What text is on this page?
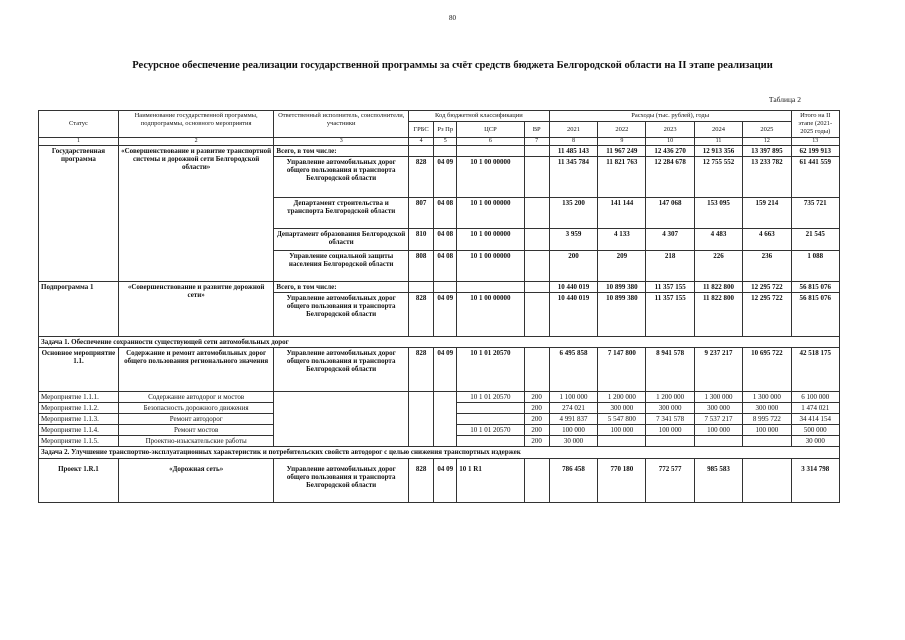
80
Ресурсное обеспечение реализации государственной программы за счёт средств бюджета Белгородской области на II этапе реализации
Таблица 2
Статус	Наименование государственной программы, подпрограммы, основного мероприятия	Ответственный исполнитель, соисполнители, участники	Код бюджетной классификации				Расходы (тыс. рублей), годы					Итого на II этапе (2021-2025 годы)
			ГРБС	Рз Пр	ЦСР	ВР	2021	2022	2023	2024	2025	

1	2	3	4	5	6	7	8	9	10	11	12	13
Государственная программа	«Совершенствование и развитие транспортной системы и дорожной сети Белгородской области»	Всего, в том числе:					11 485 143	11 967 249	12 436 270	12 913 356	13 397 895	62 199 913
		Управление автомобильных дорог общего пользования и транспорта Белгородской области	828	04 09	10 1 00 00000		11 345 784	11 821 763	12 284 678	12 755 552	13 233 782	61 441 559
		Департамент строительства и транспорта Белгородской области	807	04 08	10 1 00 00000		135 200	141 144	147 068	153 095	159 214	735 721
		Департамент образования Белгородской области	810	04 08	10 1 00 00000		3 959	4 133	4 307	4 483	4 663	21 545
		Управление социальной защиты населения Белгородской области	808	04 08	10 1 00 00000		200	209	218	226	236	1 088
Подпрограмма 1	«Совершенствование и развитие дорожной сети»	Всего, в том числе:					10 440 019	10 899 380	11 357 155	11 822 800	12 295 722	56 815 076
		Управление автомобильных дорог общего пользования и транспорта Белгородской области	828	04 09	10 1 00 00000		10 440 019	10 899 380	11 357 155	11 822 800	12 295 722	56 815 076
Задача 1. Обеспечение сохранности существующей сети автомобильных дорог												
Основное мероприятие 1.1.	Содержание и ремонт автомобильных дорог общего пользования регионального значения	Управление автомобильных дорог общего пользования и транспорта Белгородской области	828	04 09	10 1 01 20570		6 495 858	7 147 800	8 941 578	9 237 217	10 695 722	42 518 175
Мероприятие 1.1.1.	Содержание автодорог и мостов				10 1 01 20570	200	1 100 000	1 200 000	1 200 000	1 300 000	1 300 000	6 100 000
Мероприятие 1.1.2.	Безопасность дорожного движения					200	274 021	300 000	300 000	300 000	300 000	1 474 021
Мероприятие 1.1.3.	Ремонт автодорог					200	4 991 837	5 547 800	7 341 578	7 537 217	8 995 722	34 414 154
Мероприятие 1.1.4.	Ремонт мостов				10 1 01 20570	200	100 000	100 000	100 000	100 000	100 000	500 000
Мероприятие 1.1.5.	Проектно-изыскательские работы					200	30 000					30 000
Задача 2. Улучшение транспортно-эксплуатационных характеристик и потребительских свойств автодорог с целью снижения транспортных издержек												
Проект 1.R.1	«Дорожная сеть»	Управление автомобильных дорог общего пользования и транспорта Белгородской области	828	04 09	10 1 R1		786 458	770 180	772 577	985 583		3 314 798
